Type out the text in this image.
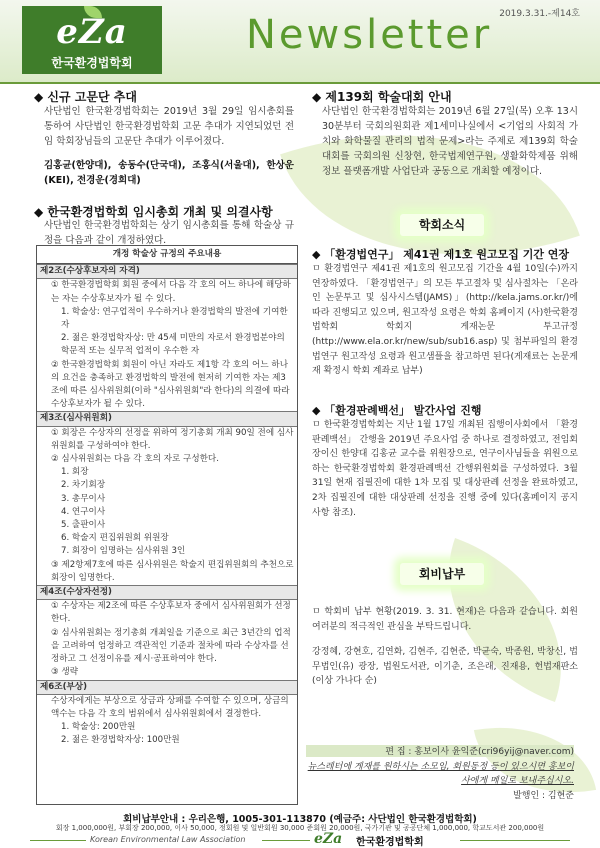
eZa
한국환경법학회
Newsletter 2019.3.31.-제14호
◆ 신규 고문단 추대
사단법인 한국환경법학회는 2019년 3월 29일 임시총회를 통하여 사단법인 한국환경법학회 고문 추대가 지연되었던 전임 학회장님들의 고문단 추대가 이루어졌다.
김홍균(한양대), 송동수(단국대), 조홍식(서울대), 한상운(KEI), 전경운(경희대)
◆ 한국환경법학회 임시총회 개최 및 의결사항
사단법인 한국환경법학회는 상기 임시총회를 통해 학술상 규정을 다음과 같이 개정하였다.
개정 학술상 규정의 주요내용
제2조(수상후보자의 자격)
① 한국환경법학회 회원 중에서 다음 각 호의 어느 하나에 해당하는 자는 수상후보자가 될 수 있다.
1. 학술상: 연구업적이 우수하거나 환경법학의 발전에 기여한 자
2. 젊은 환경법학자상: 만 45세 미만의 자로서 환경법분야의 학문적 또는 실무적 업적이 우수한 자
② 한국환경법학회 회원이 아닌 자라도 제1항 각 호의 어느 하나의 요건을 충족하고 환경법학의 발전에 현저히 기여한 자는 제3조에 따른 심사위원회(이하 "심사위원회"라 한다)의 의결에 따라 수상후보자가 될 수 있다.
제3조(심사위원회)
① 회장은 수상자의 선정을 위하여 정기총회 개최 90일 전에 심사위원회를 구성하여야 한다.
② 심사위원회는 다음 각 호의 자로 구성한다.
1. 회장
2. 차기회장
3. 총무이사
4. 연구이사
5. 출판이사
6. 학술지 편집위원회 위원장
7. 회장이 임명하는 심사위원 3인
③ 제2항제7호에 따른 심사위원은 학술지 편집위원회의 추천으로 회장이 임명한다.
제4조(수상자선정)
① 수상자는 제2조에 따른 수상후보자 중에서 심사위원회가 선정한다.
② 심사위원회는 정기총회 개최일을 기준으로 최근 3년간의 업적을 고려하여 엄정하고 객관적인 기준과 절차에 따라 수상자를 선정하고 그 선정이유를 제시·공표하여야 한다.
③ 생략
제6조(부상)
수상자에게는 부상으로 상금과 상패를 수여할 수 있으며, 상금의 액수는 다음 각 호의 범위에서 심사위원회에서 결정한다.
1. 학술상: 200만원
2. 젊은 환경법학자상: 100만원
◆ 제139회 학술대회 안내
사단법인 한국환경법학회는 2019년 6월 27일(목) 오후 13시 30분부터 국회의원회관 제1세미나실에서 <기업의 사회적 가치와 화학물질 관리의 법적 문제>라는 주제로 제139회 학술대회를 국회의원 신창현, 한국법제연구원, 생활화학제품 위해정보 플랫폼개발 사업단과 공동으로 개최할 예정이다.
학회소식
◆ 「환경법연구」 제41권 제1호 원고모집 기간 연장
ㅁ 환경법연구 제41권 제1호의 원고모집 기간을 4월 10일(수)까지 연장하였다. 「환경법연구」의 모든 투고절차 및 심사절차는 「온라인 논문투고 및 심사시스템(JAMS)」(http://kela.jams.or.kr/)에 따라 진행되고 있으며, 원고작성 요령은 학회 홈페이지 (사)한국환경법학회 학회지 게재논문 투고규정(http://www.ela.or.kr/new/sub/sub16.asp) 및 첨부파일의 환경법연구 원고작성 요령과 원고샘플을 참고하면 된다(게재료는 논문게재 확정시 학회 계좌로 납부)
◆ 「환경판례백선」 발간사업 진행
ㅁ 한국환경법학회는 지난 1월 17일 개최된 집행이사회에서 「환경판례백선」 간행을 2019년 주요사업 중 하나로 결정하였고, 전임회장이신 한양대 김홍균 교수를 위원장으로, 연구이사님들을 위원으로 하는 한국환경법학회 환경판례백선 간행위원회를 구성하였다. 3월 31일 현재 집필진에 대한 1차 모집 및 대상판례 선정을 완료하였고, 2차 집필진에 대한 대상판례 선정을 진행 중에 있다(홈페이지 공지사항 참조).
회비납부
ㅁ 학회비 납부 현황(2019. 3. 31. 현재)은 다음과 같습니다. 회원 여러분의 적극적인 관심을 부탁드립니다.
강정혜, 강현호, 김연화, 김현주, 김현준, 박균숙, 박종원, 박창신, 법무법인(유) 광장, 법원도서관, 이기춘, 조은래, 진재용, 헌법재판소 (이상 가나다 순)
편 집 : 홍보이사 윤익준(cri96yij@naver.com)
뉴스레터에 게재를 원하시는 소모임, 회원동정 등이 있으시면 홍보이사에게 메일로 보내주십시오.
발행인 : 김현준
회비납부안내 : 우리은행, 1005-301-113870 (예금주: 사단법인 한국환경법학회)
회장 1,000,000원, 부회장 200,000, 이사 50,000, 정회원 및 일반회원 30,000 준회원 20,000원, 국가기관 및 공공단체 1,000,000, 학교도서관 200,000원
Korean Environmental Law Association	eZa 한국환경법학회
